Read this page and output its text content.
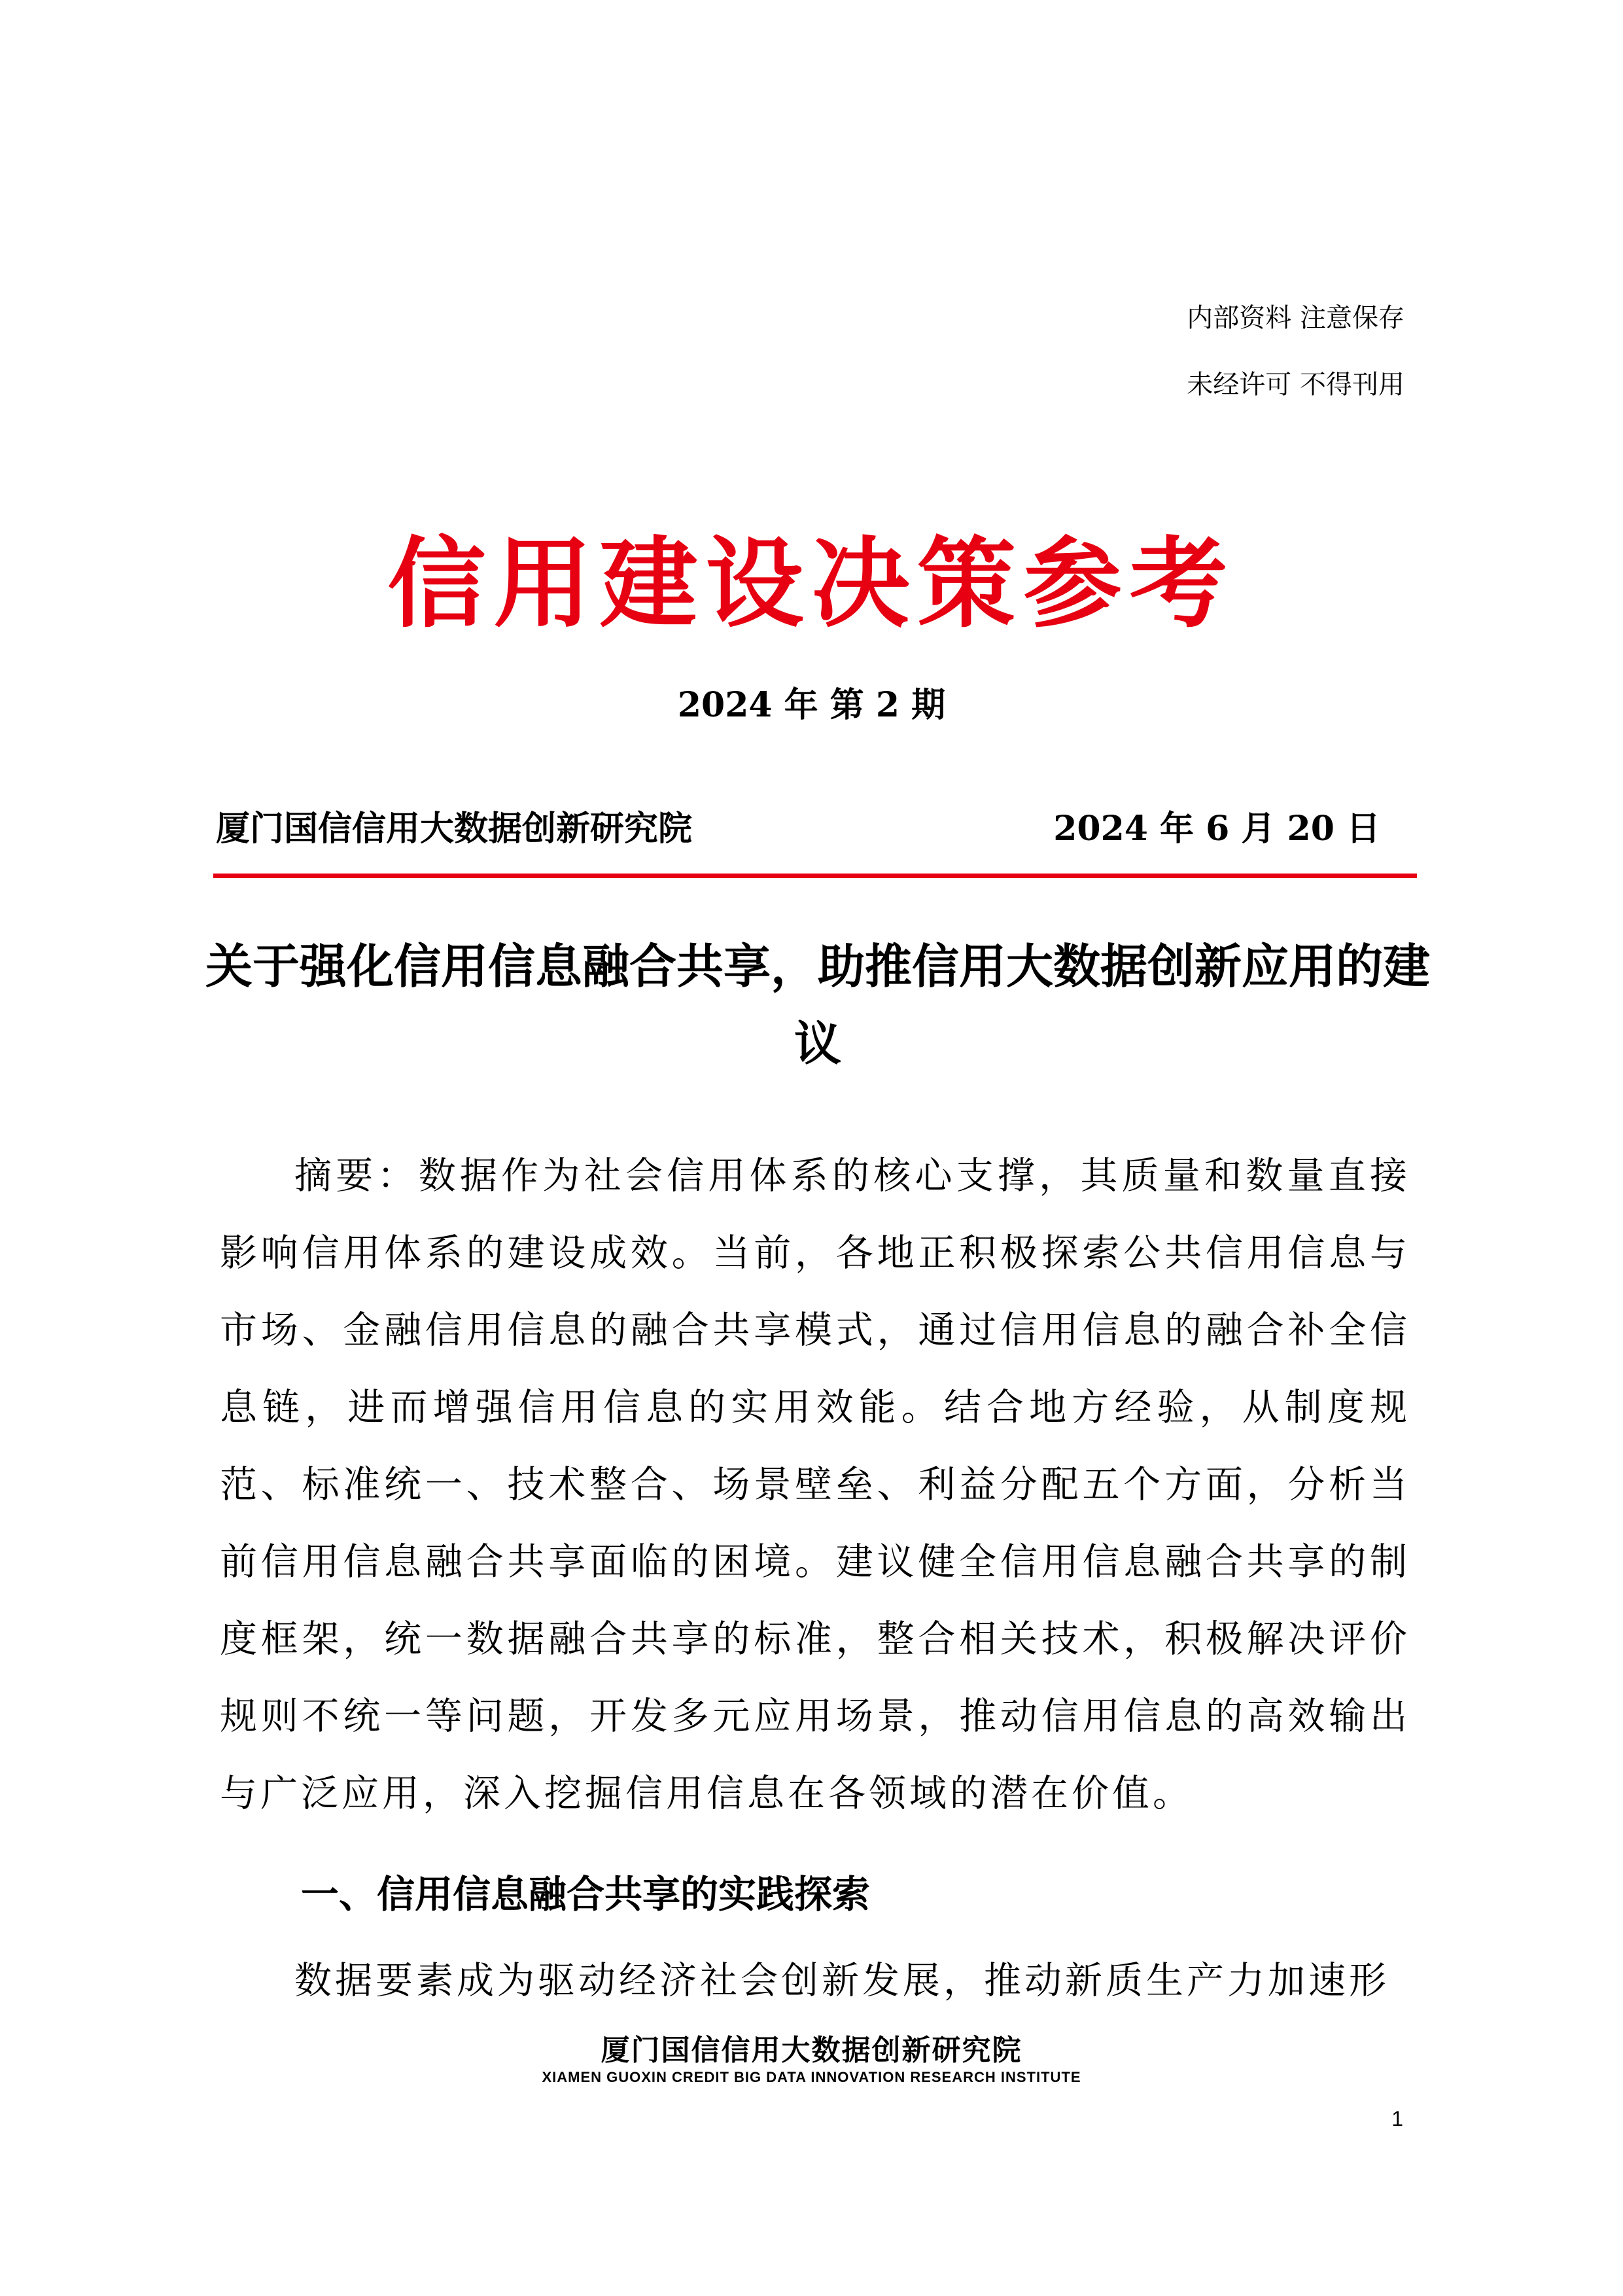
内部资料 注意保存
未经许可 不得刊用
信用建设决策参考
2024 年 第 2 期
厦门国信信用大数据创新研究院	2024 年 6 月 20 日
关于强化信用信息融合共享，助推信用大数据创新应用的建议
摘要：数据作为社会信用体系的核心支撑，其质量和数量直接影响信用体系的建设成效。当前，各地正积极探索公共信用信息与市场、金融信用信息的融合共享模式，通过信用信息的融合补全信息链，进而增强信用信息的实用效能。结合地方经验，从制度规范、标准统一、技术整合、场景壁垒、利益分配五个方面，分析当前信用信息融合共享面临的困境。建议健全信用信息融合共享的制度框架，统一数据融合共享的标准，整合相关技术，积极解决评价规则不统一等问题，开发多元应用场景，推动信用信息的高效输出与广泛应用，深入挖掘信用信息在各领域的潜在价值。
一、信用信息融合共享的实践探索
数据要素成为驱动经济社会创新发展，推动新质生产力加速形
厦门国信信用大数据创新研究院
XIAMEN GUOXIN CREDIT BIG DATA INNOVATION RESEARCH INSTITUTE
1
